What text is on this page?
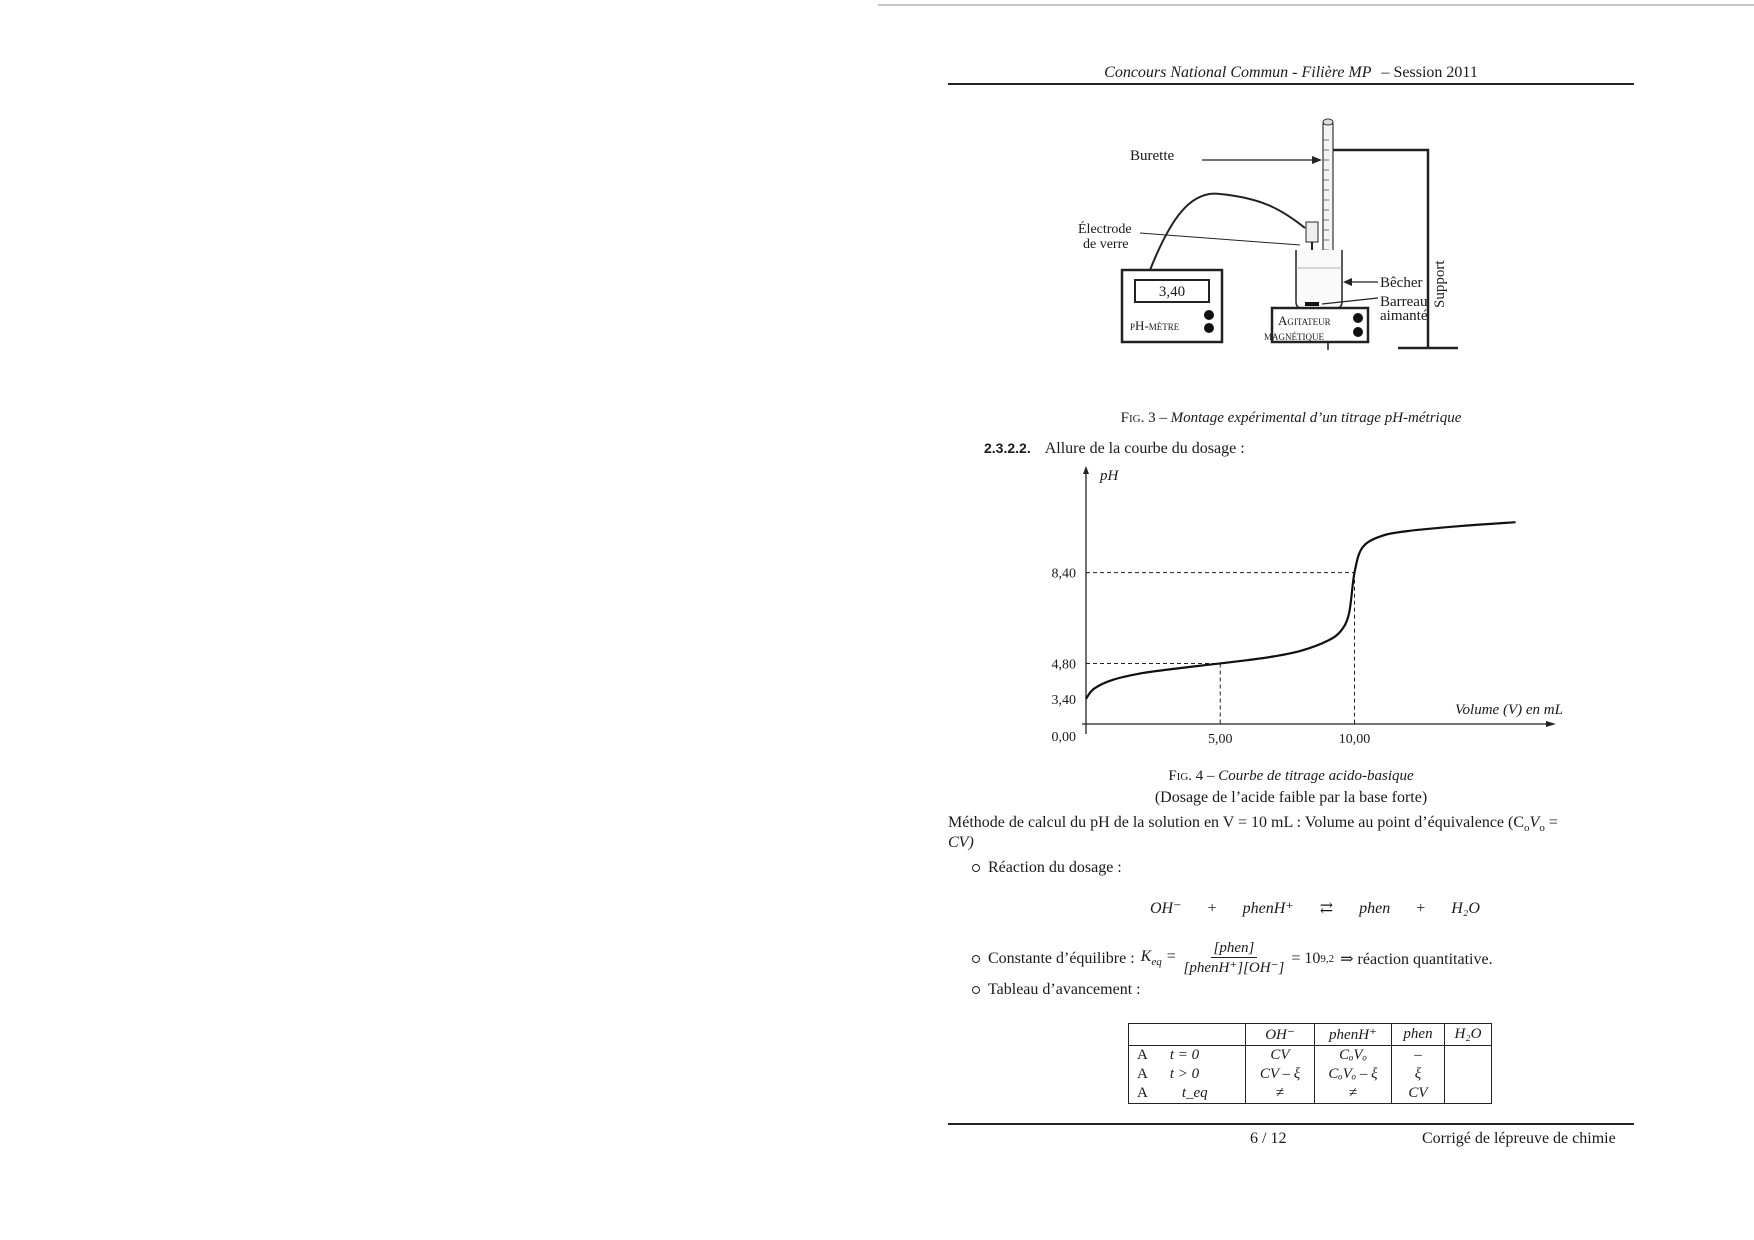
Concours National Commun - Filière MP – Session 2011
Burette
Support
Électrode
de verre
Bêcher
Barreau
aimanté
Agitateur
magnétique
3,40
pH-mètre
Fig. 3 – Montage expérimental d’un titrage pH-métrique
2.3.2.2. Allure de la courbe du dosage :
pH
Volume (V) en mL
0,00	5,00	10,00
3,40
4,80
8,40
Fig. 4 – Courbe de titrage acido-basique
(Dosage de l’acide faible par la base forte)
Méthode de calcul du pH de la solution en V = 10 mL : Volume au point d’équivalence ($C_oV_o$ =
CV)
Réaction du dosage :
OH⁻ + phenH⁺ ⇄ phen + H₂O
Constante d’équilibre : $K_{eq}$ =
[phen]
[phenH⁺][OH⁻]
= 10 9,2 ⇒ réaction quantitative.
Tableau d’avancement :
	OH⁻	phenH⁺	phen	H₂O
A t = 0	CV	CₒVₒ	–	
A t > 0	CV – ξ	CₒVₒ – ξ	ξ	
A t_eq	≠	≠	CV	
6 / 12	Corrigé de lépreuve de chimie
